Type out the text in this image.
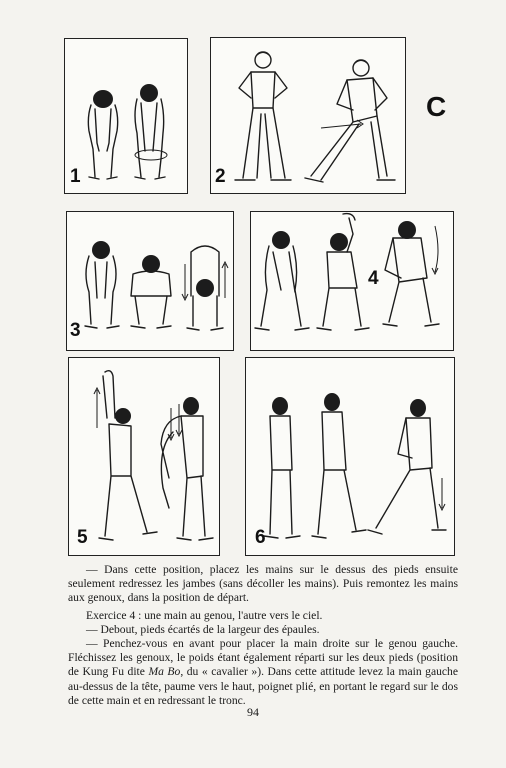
1	2
C
3
4
5	6

— Dans cette position, placez les mains sur le dessus des pieds ensuite seulement redressez les jambes (sans décoller les mains). Puis remontez les mains aux genoux, dans la position de départ.

Exercice 4 : une main au genou, l'autre vers le ciel.

— Debout, pieds écartés de la largeur des épaules.

— Penchez-vous en avant pour placer la main droite sur le genou gauche. Fléchissez les genoux, le poids étant également réparti sur les deux pieds (position de Kung Fu dite Ma Bo, du « cavalier »). Dans cette attitude levez la main gauche au-dessus de la tête, paume vers le haut, poignet plié, en portant le regard sur le dos de cette main et en redressant le tronc.

94
